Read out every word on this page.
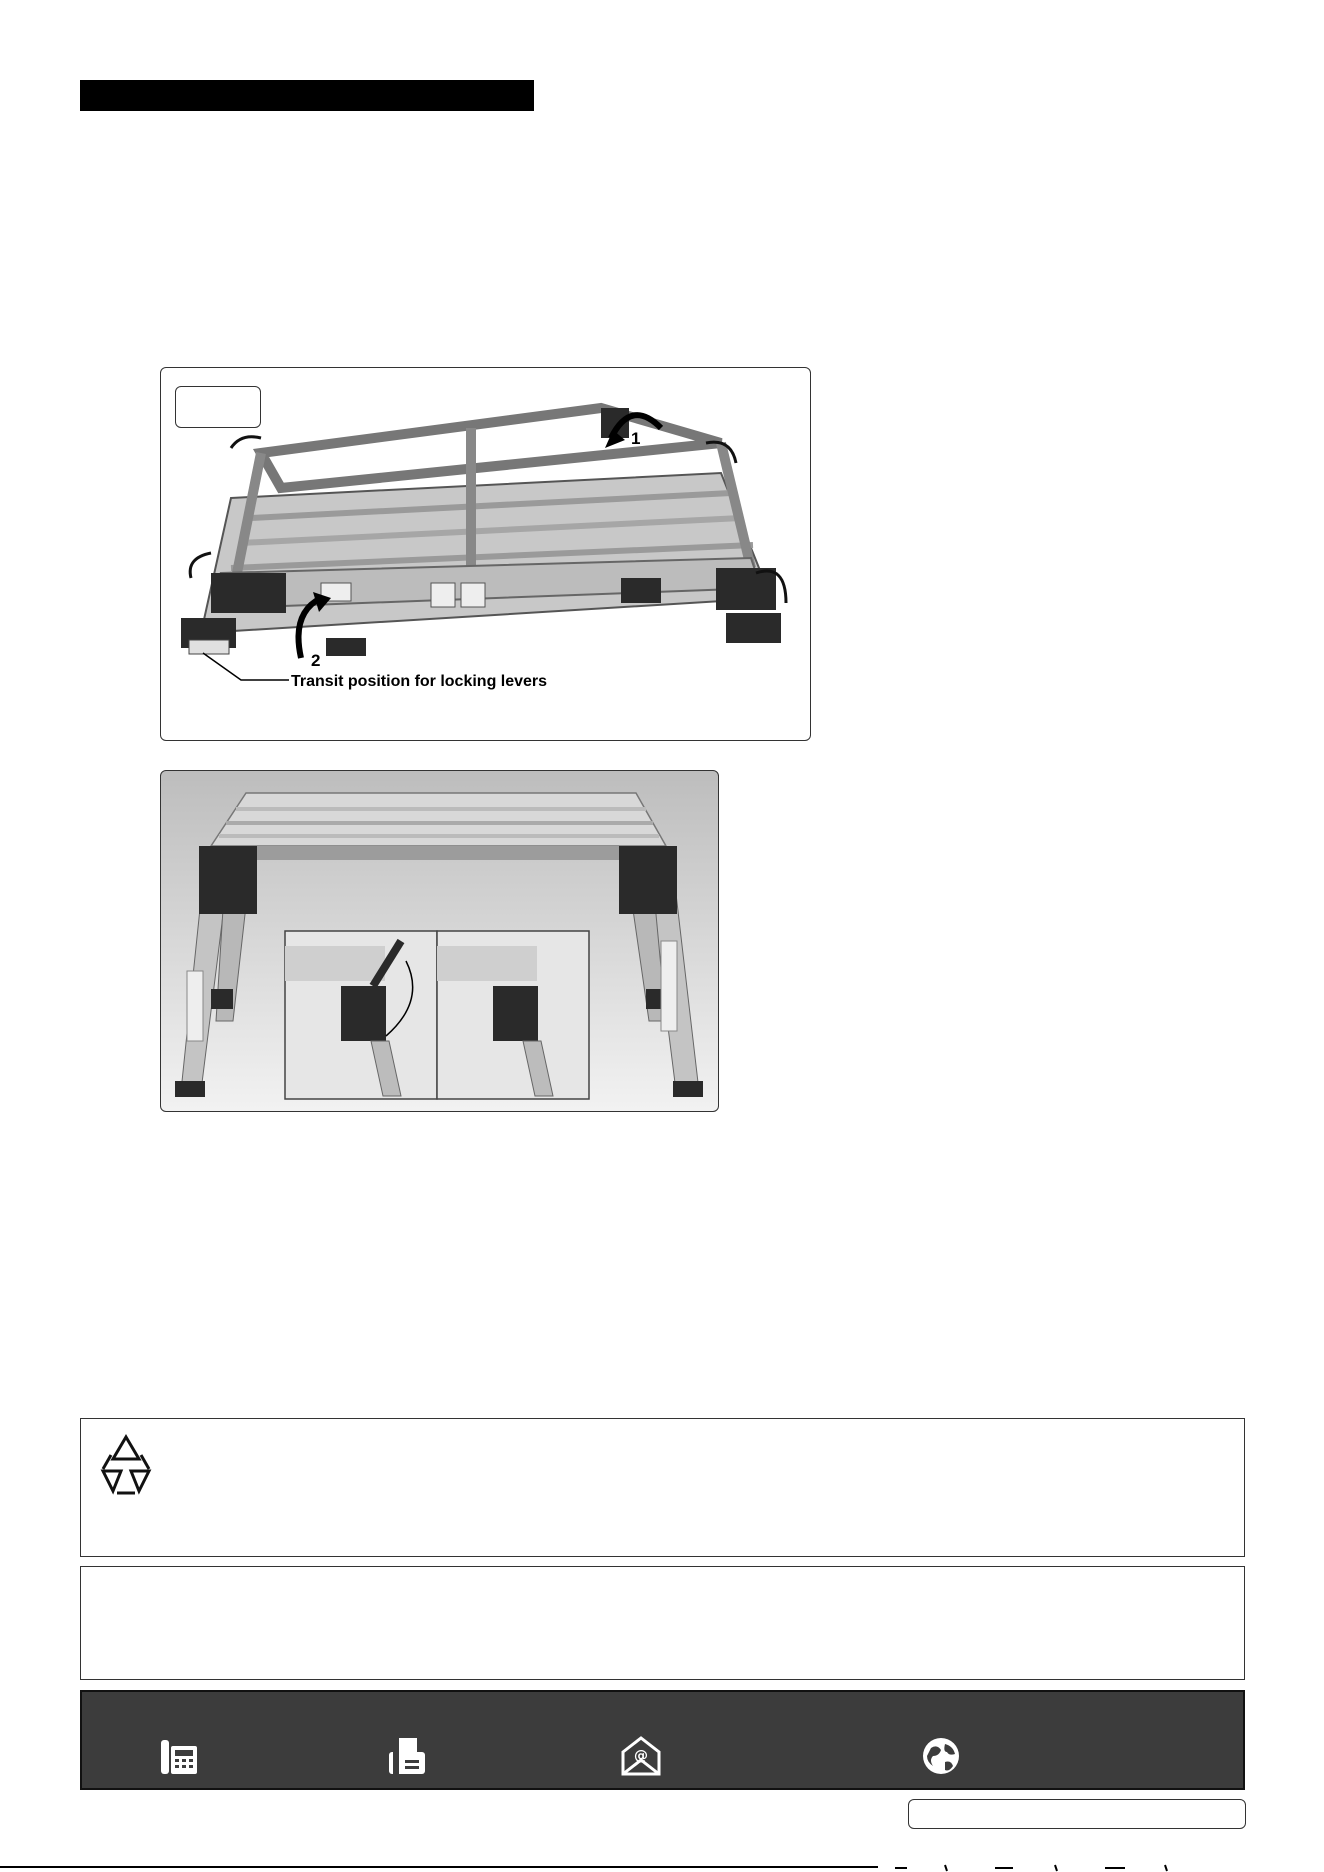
1
2
Transit position for locking levers
@
